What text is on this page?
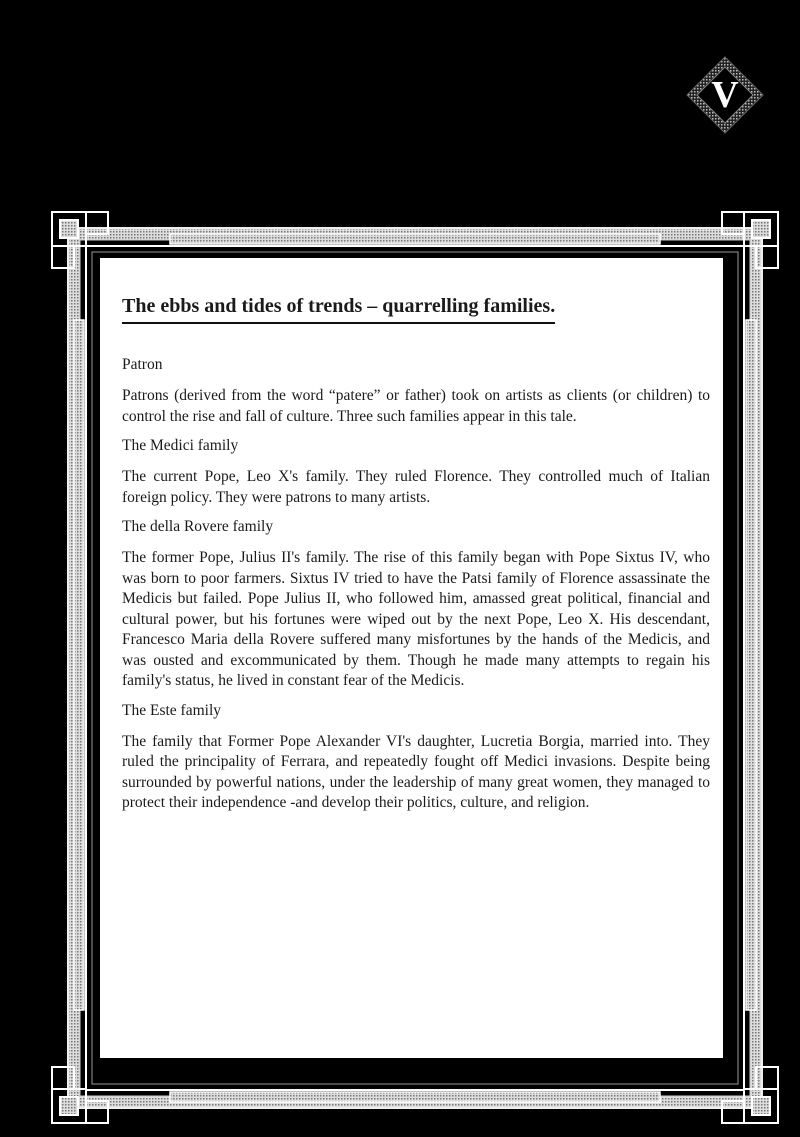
V
The ebbs and tides of trends – quarrelling families.

Patron

Patrons (derived from the word “patere” or father) took on artists as clients (or children) to control the rise and fall of culture. Three such families appear in this tale.

The Medici family

The current Pope, Leo X's family. They ruled Florence. They controlled much of Italian foreign policy. They were patrons to many artists.

The della Rovere family

The former Pope, Julius II's family. The rise of this family began with Pope Sixtus IV, who was born to poor farmers. Sixtus IV tried to have the Patsi family of Florence assassinate the Medicis but failed. Pope Julius II, who followed him, amassed great political, financial and cultural power, but his fortunes were wiped out by the next Pope, Leo X. His descendant, Francesco Maria della Rovere suffered many misfortunes by the hands of the Medicis, and was ousted and excommunicated by them. Though he made many attempts to regain his family's status, he lived in constant fear of the Medicis.

The Este family

The family that Former Pope Alexander VI's daughter, Lucretia Borgia, married into. They ruled the principality of Ferrara, and repeatedly fought off Medici invasions. Despite being surrounded by powerful nations, under the leadership of many great women, they managed to protect their independence -and develop their politics, culture, and religion.
